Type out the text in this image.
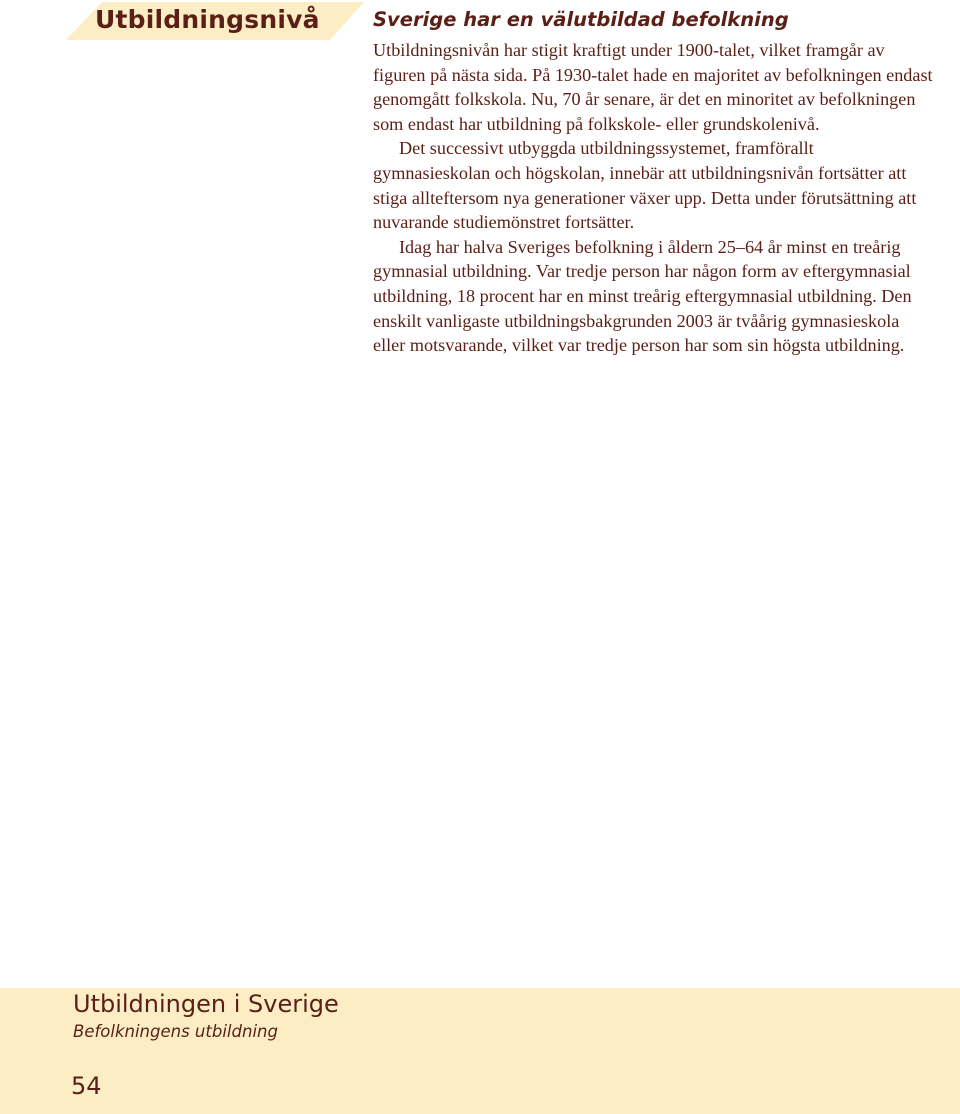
Utbildningsnivå	Sverige har en välutbildad befolkning

Utbildningsnivån har stigit kraftigt under 1900-talet, vilket framgår av figuren på nästa sida. På 1930-talet hade en majoritet av befolkningen endast genomgått folkskola. Nu, 70 år senare, är det en minoritet av befolkningen som endast har utbildning på folkskole- eller grundskolenivå.

Det successivt utbyggda utbildningssystemet, framförallt gymnasieskolan och högskolan, innebär att utbildningsnivån fortsätter att stiga allteftersom nya generationer växer upp. Detta under förutsättning att nuvarande studiemönstret fortsätter.

Idag har halva Sveriges befolkning i åldern 25–64 år minst en treårig gymnasial utbildning. Var tredje person har någon form av eftergymnasial utbildning, 18 procent har en minst treårig eftergymnasial utbildning. Den enskilt vanligaste utbildningsbakgrunden 2003 är tvåårig gymnasieskola eller motsvarande, vilket var tredje person har som sin högsta utbildning.

Utbildningen i Sverige
Befolkningens utbildning
54
